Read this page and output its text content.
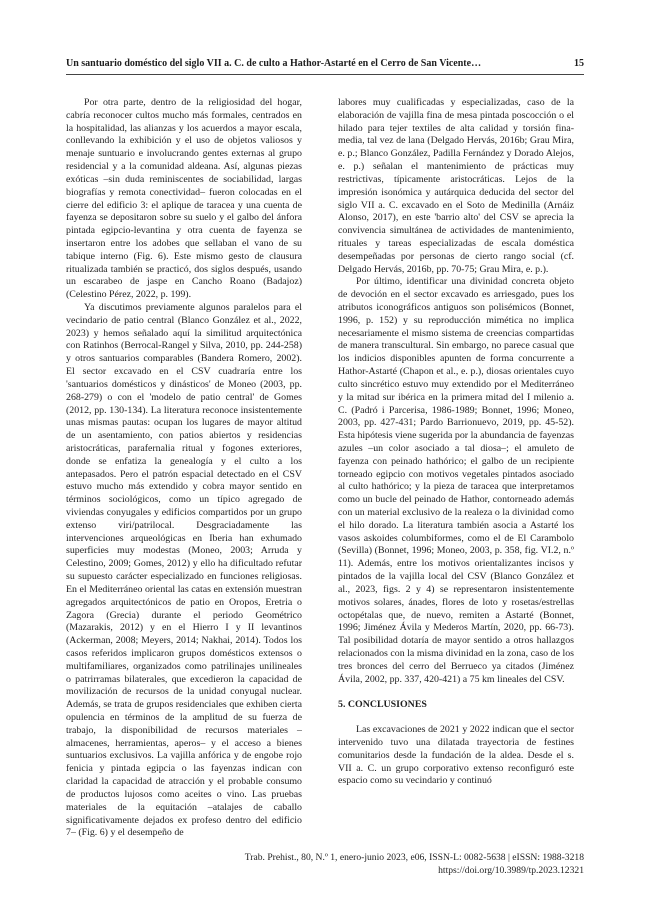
Un santuario doméstico del siglo VII a. C. de culto a Hathor-Astarté en el Cerro de San Vicente…	15

Por otra parte, dentro de la religiosidad del hogar, cabría reconocer cultos mucho más formales, centrados en la hospitalidad, las alianzas y los acuerdos a mayor escala, conllevando la exhibición y el uso de objetos valiosos y menaje suntuario e involucrando gentes externas al grupo residencial y a la comunidad aldeana. Así, algunas piezas exóticas –sin duda reminiscentes de sociabilidad, largas biografías y remota conectividad– fueron colocadas en el cierre del edificio 3: el aplique de taracea y una cuenta de fayenza se depositaron sobre su suelo y el galbo del ánfora pintada egipcio-levantina y otra cuenta de fayenza se insertaron entre los adobes que sellaban el vano de su tabique interno (Fig. 6). Este mismo gesto de clausura ritualizada también se practicó, dos siglos después, usando un escarabeo de jaspe en Cancho Roano (Badajoz) (Celestino Pérez, 2022, p. 199).

Ya discutimos previamente algunos paralelos para el vecindario de patio central (Blanco González et al., 2022, 2023) y hemos señalado aquí la similitud arquitectónica con Ratinhos (Berrocal-Rangel y Silva, 2010, pp. 244-258) y otros santuarios comparables (Bandera Romero, 2002). El sector excavado en el CSV cuadraría entre los 'santuarios domésticos y dinásticos' de Moneo (2003, pp. 268-279) o con el 'modelo de patio central' de Gomes (2012, pp. 130-134). La literatura reconoce insistentemente unas mismas pautas: ocupan los lugares de mayor altitud de un asentamiento, con patios abiertos y residencias aristocráticas, parafernalia ritual y fogones exteriores, donde se enfatiza la genealogía y el culto a los antepasados. Pero el patrón espacial detectado en el CSV estuvo mucho más extendido y cobra mayor sentido en términos sociológicos, como un típico agregado de viviendas conyugales y edificios compartidos por un grupo extenso viri/patrilocal. Desgraciadamente las intervenciones arqueológicas en Iberia han exhumado superficies muy modestas (Moneo, 2003; Arruda y Celestino, 2009; Gomes, 2012) y ello ha dificultado refutar su supuesto carácter especializado en funciones religiosas. En el Mediterráneo oriental las catas en extensión muestran agregados arquitectónicos de patio en Oropos, Eretria o Zagora (Grecia) durante el periodo Geométrico (Mazarakis, 2012) y en el Hierro I y II levantinos (Ackerman, 2008; Meyers, 2014; Nakhai, 2014). Todos los casos referidos implicaron grupos domésticos extensos o multifamiliares, organizados como patrilinajes unilineales o patrirramas bilaterales, que excedieron la capacidad de movilización de recursos de la unidad conyugal nuclear. Además, se trata de grupos residenciales que exhiben cierta opulencia en términos de la amplitud de su fuerza de trabajo, la disponibilidad de recursos materiales –almacenes, herramientas, aperos– y el acceso a bienes suntuarios exclusivos. La vajilla anfórica y de engobe rojo fenicia y pintada egipcia o las fayenzas indican con claridad la capacidad de atracción y el probable consumo de productos lujosos como aceites o vino. Las pruebas materiales de la equitación –atalajes de caballo significativamente dejados ex profeso dentro del edificio 7– (Fig. 6) y el desempeño de

labores muy cualificadas y especializadas, caso de la elaboración de vajilla fina de mesa pintada poscocción o el hilado para tejer textiles de alta calidad y torsión fina-media, tal vez de lana (Delgado Hervás, 2016b; Grau Mira, e. p.; Blanco González, Padilla Fernández y Dorado Alejos, e. p.) señalan el mantenimiento de prácticas muy restrictivas, típicamente aristocráticas. Lejos de la impresión isonómica y autárquica deducida del sector del siglo VII a. C. excavado en el Soto de Medinilla (Arnáiz Alonso, 2017), en este 'barrio alto' del CSV se aprecia la convivencia simultánea de actividades de mantenimiento, rituales y tareas especializadas de escala doméstica desempeñadas por personas de cierto rango social (cf. Delgado Hervás, 2016b, pp. 70-75; Grau Mira, e. p.).

Por último, identificar una divinidad concreta objeto de devoción en el sector excavado es arriesgado, pues los atributos iconográficos antiguos son polisémicos (Bonnet, 1996, p. 152) y su reproducción mimética no implica necesariamente el mismo sistema de creencias compartidas de manera transcultural. Sin embargo, no parece casual que los indicios disponibles apunten de forma concurrente a Hathor-Astarté (Chapon et al., e. p.), diosas orientales cuyo culto sincrético estuvo muy extendido por el Mediterráneo y la mitad sur ibérica en la primera mitad del I milenio a. C. (Padró i Parcerisa, 1986-1989; Bonnet, 1996; Moneo, 2003, pp. 427-431; Pardo Barrionuevo, 2019, pp. 45-52). Esta hipótesis viene sugerida por la abundancia de fayenzas azules –un color asociado a tal diosa–; el amuleto de fayenza con peinado hathórico; el galbo de un recipiente torneado egipcio con motivos vegetales pintados asociado al culto hathórico; y la pieza de taracea que interpretamos como un bucle del peinado de Hathor, contorneado además con un material exclusivo de la realeza o la divinidad como el hilo dorado. La literatura también asocia a Astarté los vasos askoides columbiformes, como el de El Carambolo (Sevilla) (Bonnet, 1996; Moneo, 2003, p. 358, fig. VI.2, n.º 11). Además, entre los motivos orientalizantes incisos y pintados de la vajilla local del CSV (Blanco González et al., 2023, figs. 2 y 4) se representaron insistentemente motivos solares, ánades, flores de loto y rosetas/estrellas octopétalas que, de nuevo, remiten a Astarté (Bonnet, 1996; Jiménez Ávila y Mederos Martín, 2020, pp. 66-73). Tal posibilidad dotaría de mayor sentido a otros hallazgos relacionados con la misma divinidad en la zona, caso de los tres bronces del cerro del Berrueco ya citados (Jiménez Ávila, 2002, pp. 337, 420-421) a 75 km lineales del CSV.

5. CONCLUSIONES

Las excavaciones de 2021 y 2022 indican que el sector intervenido tuvo una dilatada trayectoria de festines comunitarios desde la fundación de la aldea. Desde el s. VII a. C. un grupo corporativo extenso reconfiguró este espacio como su vecindario y continuó

Trab. Prehist., 80, N.º 1, enero-junio 2023, e06, ISSN-L: 0082-5638 | eISSN: 1988-3218
https://doi.org/10.3989/tp.2023.12321
